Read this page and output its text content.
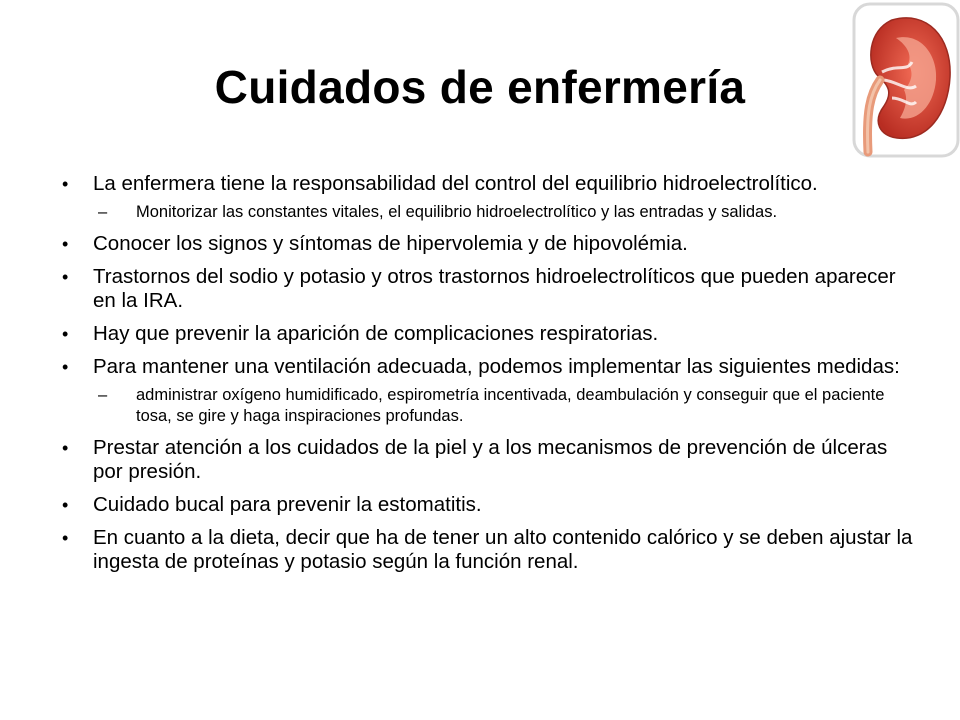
Cuidados de enfermería
• La enfermera tiene la responsabilidad del control del equilibrio hidroelectrolítico.
– Monitorizar las constantes vitales, el equilibrio hidroelectrolítico y las entradas y salidas.
• Conocer los signos y síntomas de hipervolemia y de hipovolémia.
• Trastornos del sodio y potasio y otros trastornos hidroelectrolíticos que pueden aparecer en la IRA.
• Hay que prevenir la aparición de complicaciones respiratorias.
• Para mantener una ventilación adecuada, podemos implementar las siguientes medidas:
– administrar oxígeno humidificado, espirometría incentivada, deambulación y conseguir que el paciente tosa, se gire y haga inspiraciones profundas.
• Prestar atención a los cuidados de la piel y a los mecanismos de prevención de úlceras por presión.
• Cuidado bucal para prevenir la estomatitis.
• En cuanto a la dieta, decir que ha de tener un alto contenido calórico y se deben ajustar la ingesta de proteínas y potasio según la función renal.
